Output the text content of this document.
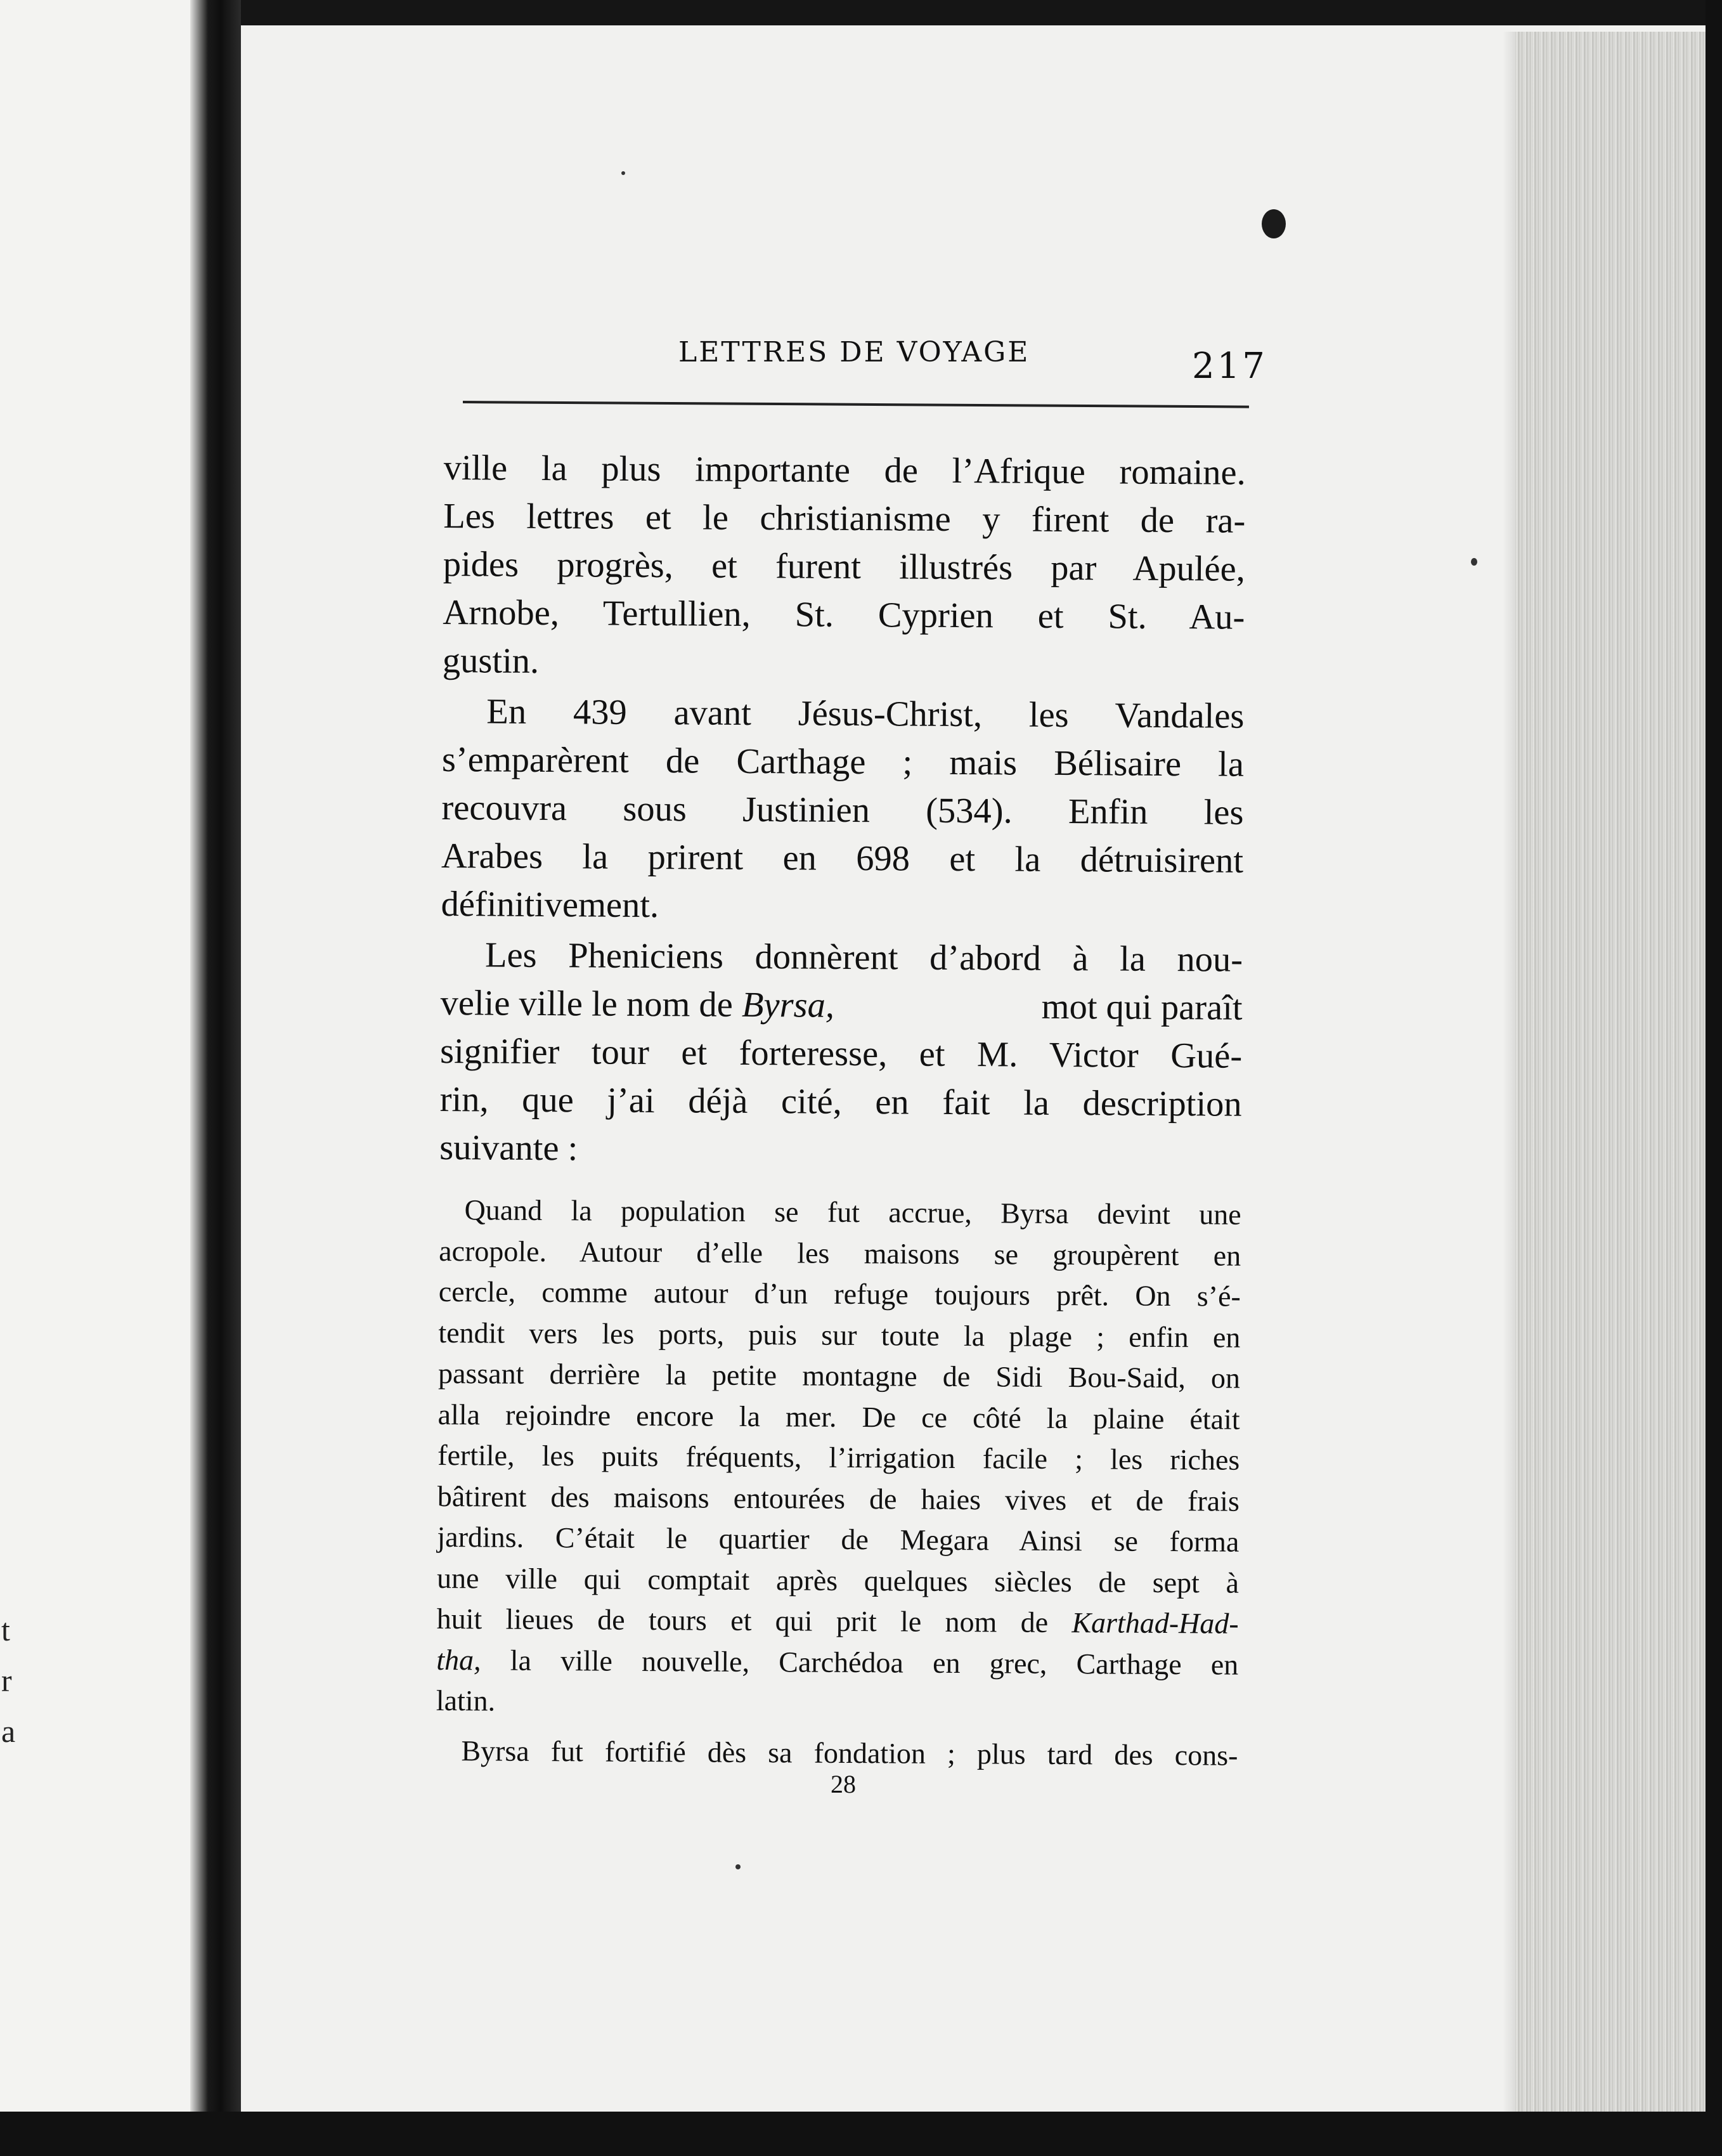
t
r
a
LETTRES DE VOYAGE	217
ville la plus importante de l’Afrique romaine.
Les lettres et le christianisme y firent de ra-
pides progrès, et furent illustrés par Apulée,
Arnobe, Tertullien, St. Cyprien et St. Au-
gustin.
En 439 avant Jésus-Christ, les Vandales
s’emparèrent de Carthage ; mais Bélisaire la
recouvra sous Justinien (534). Enfin les
Arabes la prirent en 698 et la détruisirent
définitivement.
Les Pheniciens donnèrent d’abord à la nou-
velie ville le nom de Byrsa,	mot qui paraît
signifier tour et forteresse, et M. Victor Gué-
rin, que j’ai déjà cité, en fait la description
suivante :
Quand la population se fut accrue, Byrsa devint une
acropole. Autour d’elle les maisons se groupèrent en
cercle, comme autour d’un refuge toujours prêt. On s’é-
tendit vers les ports, puis sur toute la plage ; enfin en
passant derrière la petite montagne de Sidi Bou-Said, on
alla rejoindre encore la mer. De ce côté la plaine était
fertile, les puits fréquents, l’irrigation facile ; les riches
bâtirent des maisons entourées de haies vives et de frais
jardins. C’était le quartier de Megara Ainsi se forma
une ville qui comptait après quelques siècles de sept à
huit lieues de tours et qui prit le nom de Karthad-Had-
tha, la ville nouvelle, Carchédoa en grec, Carthage en
latin.
Byrsa fut fortifié dès sa fondation ; plus tard des cons-
28
